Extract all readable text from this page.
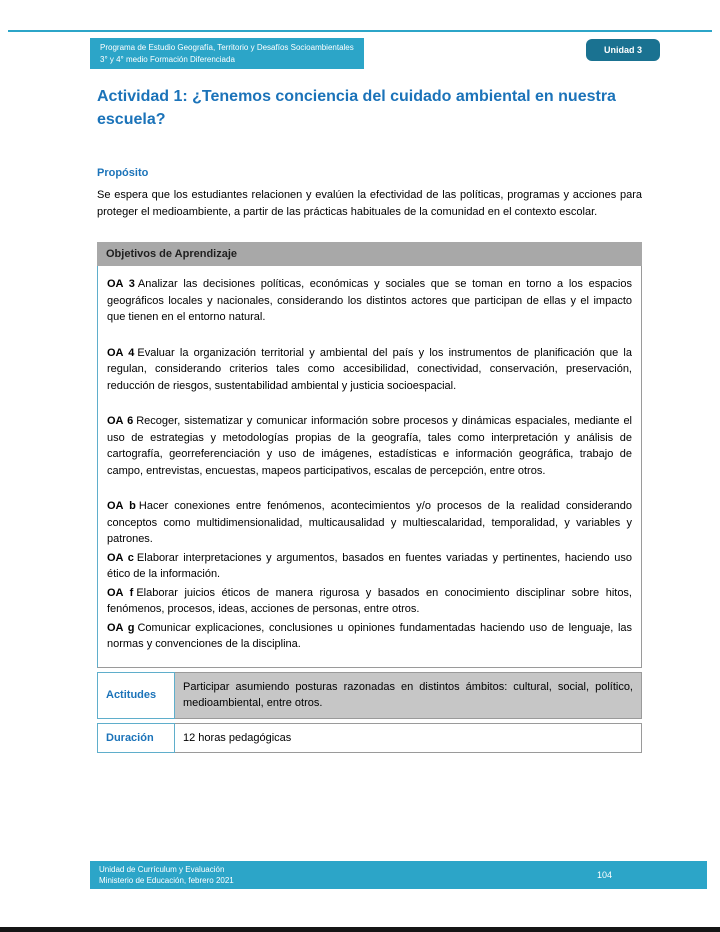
Programa de Estudio Geografía, Territorio y Desafíos Socioambientales
3° y 4° medio Formación Diferenciada
Unidad 3
Actividad 1: ¿Tenemos conciencia del cuidado ambiental en nuestra escuela?
Propósito

Se espera que los estudiantes relacionen y evalúen la efectividad de las políticas, programas y acciones para proteger el medioambiente, a partir de las prácticas habituales de la comunidad en el contexto escolar.

Objetivos de Aprendizaje

OA 3 Analizar las decisiones políticas, económicas y sociales que se toman en torno a los espacios geográficos locales y nacionales, considerando los distintos actores que participan de ellas y el impacto que tienen en el entorno natural.

OA 4 Evaluar la organización territorial y ambiental del país y los instrumentos de planificación que la regulan, considerando criterios tales como accesibilidad, conectividad, conservación, preservación, reducción de riesgos, sustentabilidad ambiental y justicia socioespacial.

OA 6 Recoger, sistematizar y comunicar información sobre procesos y dinámicas espaciales, mediante el uso de estrategias y metodologías propias de la geografía, tales como interpretación y análisis de cartografía, georreferenciación y uso de imágenes, estadísticas e información geográfica, trabajo de campo, entrevistas, encuestas, mapeos participativos, escalas de percepción, entre otros.

OA b Hacer conexiones entre fenómenos, acontecimientos y/o procesos de la realidad considerando conceptos como multidimensionalidad, multicausalidad y multiescalaridad, temporalidad, y variables y patrones.

OA c Elaborar interpretaciones y argumentos, basados en fuentes variadas y pertinentes, haciendo uso ético de la información.

OA f Elaborar juicios éticos de manera rigurosa y basados en conocimiento disciplinar sobre hitos, fenómenos, procesos, ideas, acciones de personas, entre otros.

OA g Comunicar explicaciones, conclusiones u opiniones fundamentadas haciendo uso de lenguaje, las normas y convenciones de la disciplina.

Actitudes
Participar asumiendo posturas razonadas en distintos ámbitos: cultural, social, político, medioambiental, entre otros.
Duración	12 horas pedagógicas
Unidad de Currículum y Evaluación
Ministerio de Educación, febrero 2021
104
